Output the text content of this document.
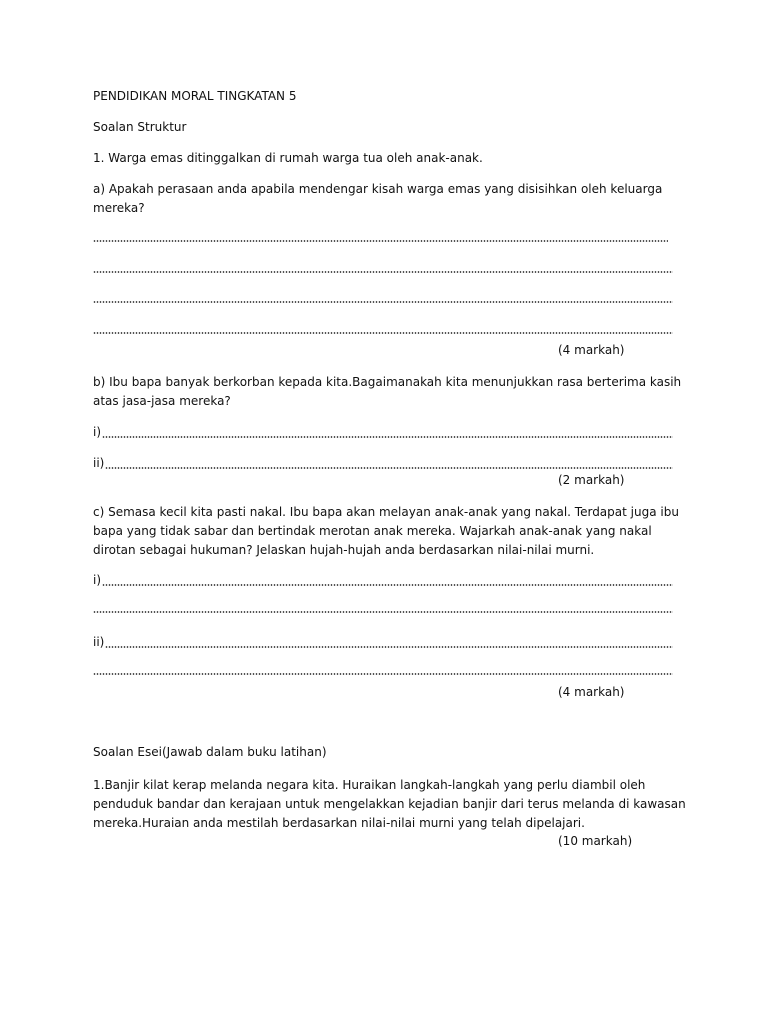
PENDIDIKAN MORAL TINGKATAN 5
Soalan Struktur
1. Warga emas ditinggalkan di rumah warga tua oleh anak-anak.
a) Apakah perasaan anda apabila mendengar kisah warga emas yang disisihkan oleh keluarga mereka?
(4 markah)
b) Ibu bapa banyak berkorban kepada kita.Bagaimanakah kita menunjukkan rasa berterima kasih atas jasa-jasa mereka?
i)
ii)
(2 markah)
c) Semasa kecil kita pasti nakal. Ibu bapa akan melayan anak-anak yang nakal. Terdapat juga ibu bapa yang tidak sabar dan bertindak merotan anak mereka. Wajarkah anak-anak yang nakal dirotan sebagai hukuman? Jelaskan hujah-hujah anda berdasarkan nilai-nilai murni.
i)
ii)
(4 markah)
Soalan Esei(Jawab dalam buku latihan)
1.Banjir kilat kerap melanda negara kita. Huraikan langkah-langkah yang perlu diambil oleh penduduk bandar dan kerajaan untuk mengelakkan kejadian banjir dari terus melanda di kawasan mereka.Huraian anda mestilah berdasarkan nilai-nilai murni yang telah dipelajari.
(10 markah)
